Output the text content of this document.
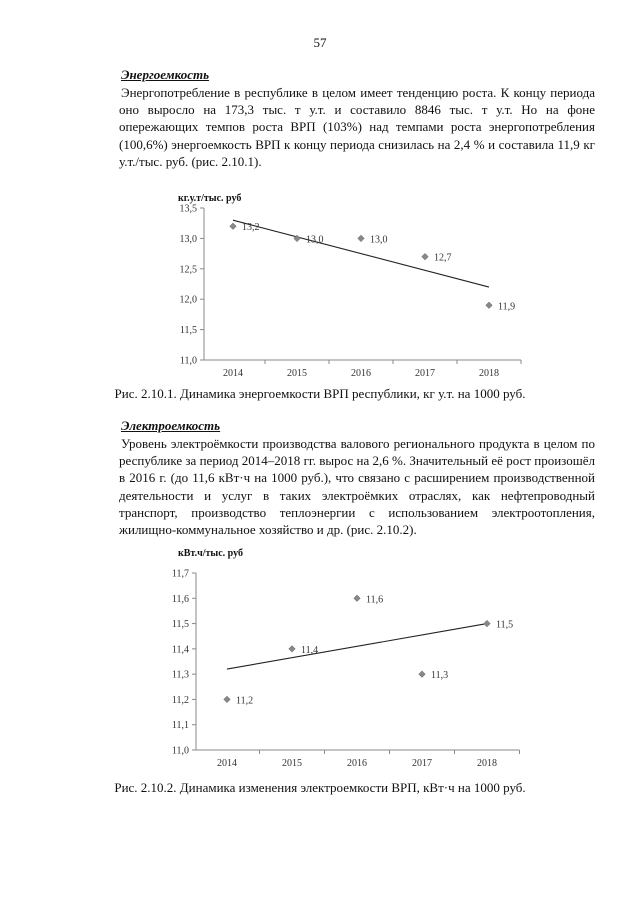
57
Энергоемкость

Энергопотребление в республике в целом имеет тенденцию роста. К концу периода оно выросло на 173,3 тыс. т у.т. и составило 8846 тыс. т у.т. Но на фоне опережающих темпов роста ВРП (103%) над темпами роста энергопотребления (100,6%) энергоемкость ВРП к концу периода снизилась на 2,4 % и составила 11,9 кг у.т./тыс. руб. (рис. 2.10.1).

кг.у.т/тыс. руб
13,5
13,0
12,5
12,0
11,5
11,0
2014	2015	2016	2017	2018
13,2
13,0	13,0
12,7
11,9
Рис. 2.10.1. Динамика энергоемкости ВРП республики, кг у.т. на 1000 руб.
Электроемкость

Уровень электроёмкости производства валового регионального продукта в целом по республике за период 2014–2018 гг. вырос на 2,6 %. Значительный её рост произошёл в 2016 г. (до 11,6 кВт·ч на 1000 руб.), что связано с расширением производственной деятельности и услуг в таких электроёмких отраслях, как нефтепроводный транспорт, производство теплоэнергии с использованием электроотопления, жилищно-коммунальное хозяйство и др. (рис. 2.10.2).

кВт.ч/тыс. руб
11,7
11,6
11,5
11,4
11,3
11,2
11,1
11,0
2014	2015	2016	2017	2018
11,2
11,4
11,6
11,3
11,5
Рис. 2.10.2. Динамика изменения электроемкости ВРП, кВт·ч на 1000 руб.
